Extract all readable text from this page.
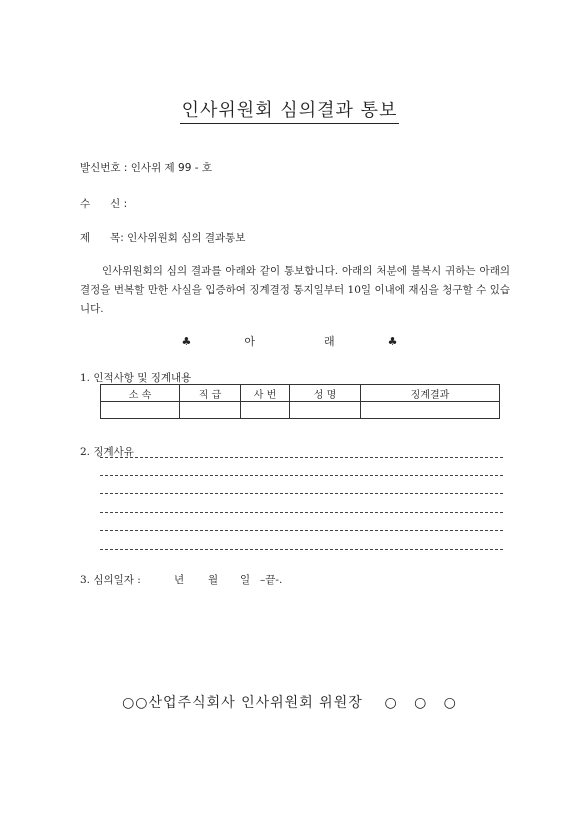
인사위원회 심의결과 통보
발신번호 : 인사위 제 99 - 호
수      신 :
제      목: 인사위원회 심의 결과통보

인사위원회의 심의 결과를 아래와 같이 통보합니다. 아래의 처분에 불복시 귀하는 아래의 결정을 번복할 만한 사실을 입증하여 징계결정 통지일부터 10일 이내에 재심을 청구할 수 있습니다.

♣	아	래	♣
1. 인적사항 및 징계내용
소 속	직 급	사 번	성 명	징계결과

2. 징계사유
3. 심의일자 :	년 월 일 –끝-.
○○산업주식회사 인사위원회 위원장    ○   ○   ○
